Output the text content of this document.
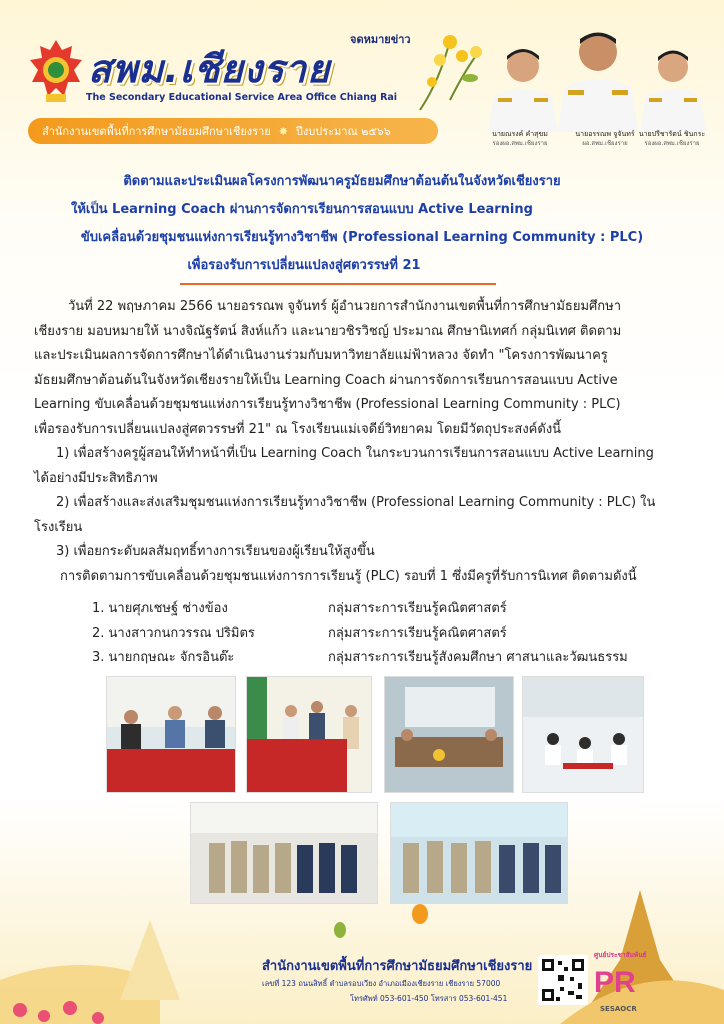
จดหมายข่าว
สพม.เชียงราย
The Secondary Educational Service Area Office Chiang Rai
สำนักงานเขตพื้นที่การศึกษามัธยมศึกษาเชียงราย ✸ ปีงบประมาณ ๒๕๖๖	นายณรงค์ คำสุขม
รองผอ.สพม.เชียงราย
นายอรรณพ จูจันทร์
ผอ.สพม.เชียงราย
นายปรีชารัตน์ ชินกระ
รองผอ.สพม.เชียงราย
ติดตามและประเมินผลโครงการพัฒนาครูมัธยมศึกษาต้อนต้นในจังหวัดเชียงราย
ให้เป็น Learning Coach ผ่านการจัดการเรียนการสอนแบบ Active Learning
ขับเคลื่อนด้วยชุมชนแห่งการเรียนรู้ทางวิชาชีพ (Professional Learning Community : PLC)
เพื่อรองรับการเปลี่ยนแปลงสู่ศตวรรษที่ 21
วันที่ 22 พฤษภาคม 2566 นายอรรณพ จูจันทร์ ผู้อำนวยการสำนักงานเขตพื้นที่การศึกษามัธยมศึกษา
เชียงราย มอบหมายให้ นางจิณัฐรัตน์ สิงห์แก้ว และนายวชิรวิชญ์ ประมาณ ศึกษานิเทศก์ กลุ่มนิเทศ ติดตาม
และประเมินผลการจัดการศึกษาได้ดำเนินงานร่วมกับมหาวิทยาลัยแม่ฟ้าหลวง จัดทำ "โครงการพัฒนาครู
มัธยมศึกษาต้อนต้นในจังหวัดเชียงรายให้เป็น Learning Coach ผ่านการจัดการเรียนการสอนแบบ Active
Learning ขับเคลื่อนด้วยชุมชนแห่งการเรียนรู้ทางวิชาชีพ (Professional Learning Community : PLC)
เพื่อรองรับการเปลี่ยนแปลงสู่ศตวรรษที่ 21" ณ โรงเรียนแม่เจดีย์วิทยาคม โดยมีวัตถุประสงค์ดังนี้
1) เพื่อสร้างครูผู้สอนให้ทำหน้าที่เป็น Learning Coach ในกระบวนการเรียนการสอนแบบ Active Learning
ได้อย่างมีประสิทธิภาพ
2) เพื่อสร้างและส่งเสริมชุมชนแห่งการเรียนรู้ทางวิชาชีพ (Professional Learning Community : PLC) ใน
โรงเรียน
3) เพื่อยกระดับผลสัมฤทธิ์ทางการเรียนของผู้เรียนให้สูงขึ้น
การติดตามการขับเคลื่อนด้วยชุมชนแห่งการการเรียนรู้ (PLC) รอบที่ 1 ซึ่งมีครูที่รับการนิเทศ ติดตามดังนี้
1. นายศุภเชษฐ์ ช่างข้อง	กลุ่มสาระการเรียนรู้คณิตศาสตร์
2. นางสาวกนกวรรณ ปริมิตร	กลุ่มสาระการเรียนรู้คณิตศาสตร์
3. นายกฤษณะ จักรอินต๊ะ	กลุ่มสาระการเรียนรู้สังคมศึกษา ศาสนาและวัฒนธรรม
สำนักงานเขตพื้นที่การศึกษามัธยมศึกษาเชียงราย
เลขที่ 123 ถนนสิทธิ์ ตำบลรอบเวียง อำเภอเมืองเชียงราย เชียงราย 57000
โทรศัพท์ 053-601-450 โทรสาร 053-601-451	PR
ศูนย์ประชาสัมพันธ์
SESAOCR
